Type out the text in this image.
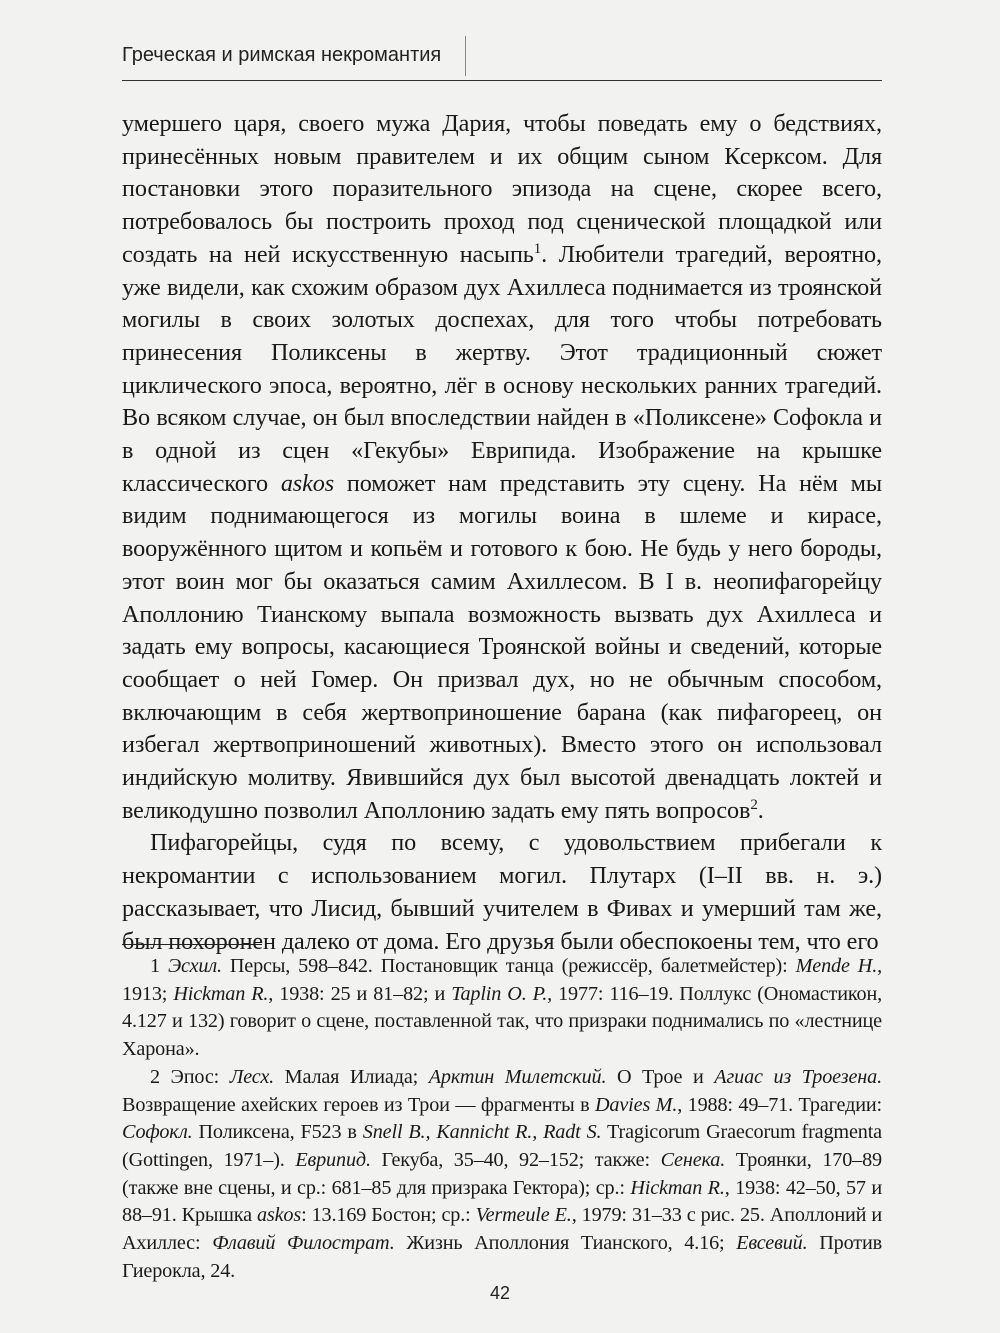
Греческая и римская некромантия

умершего царя, своего мужа Дария, чтобы поведать ему о бедствиях, принесённых новым правителем и их общим сыном Ксерксом. Для постановки этого поразительного эпизода на сцене, скорее всего, потребовалось бы построить проход под сценической площадкой или создать на ней искусственную насыпь$^1$. Любители трагедий, вероятно, уже видели, как схожим образом дух Ахиллеса поднимается из троянской могилы в своих золотых доспехах, для того чтобы потребовать принесения Поликсены в жертву. Этот традиционный сюжет циклического эпоса, вероятно, лёг в основу нескольких ранних трагедий. Во всяком случае, он был впоследствии найден в «Поликсене» Софокла и в одной из сцен «Гекубы» Еврипида. Изображение на крышке классического askos поможет нам представить эту сцену. На нём мы видим поднимающегося из могилы воина в шлеме и кирасе, вооружённого щитом и копьём и готового к бою. Не будь у него бороды, этот воин мог бы оказаться самим Ахиллесом. В I в. неопифагорейцу Аполлонию Тианскому выпала возможность вызвать дух Ахиллеса и задать ему вопросы, касающиеся Троянской войны и сведений, которые сообщает о ней Гомер. Он призвал дух, но не обычным способом, включающим в себя жертвоприношение барана (как пифагореец, он избегал жертвоприношений животных). Вместо этого он использовал индийскую молитву. Явившийся дух был высотой двенадцать локтей и великодушно позволил Аполлонию задать ему пять вопросов$^2$.

Пифагорейцы, судя по всему, с удовольствием прибегали к некромантии с использованием могил. Плутарх (I–II вв. н. э.) рассказывает, что Лисид, бывший учителем в Фивах и умерший там же, был похоронен далеко от дома. Его друзья были обеспокоены тем, что его

1 Эсхил. Персы, 598–842. Постановщик танца (режиссёр, балетмейстер): Mende H., 1913; Hickman R., 1938: 25 и 81–82; и Taplin O. P., 1977: 116–19. Поллукс (Ономастикон, 4.127 и 132) говорит о сцене, поставленной так, что призраки поднимались по «лестнице Харона».

2 Эпос: Лесх. Малая Илиада; Арктин Милетский. О Трое и Агиас из Троезена. Возвращение ахейских героев из Трои — фрагменты в Davies M., 1988: 49–71. Трагедии: Софокл. Поликсена, F523 в Snell B., Kannicht R., Radt S. Tragicorum Graecorum fragmenta (Gottingen, 1971–). Еврипид. Гекуба, 35–40, 92–152; также: Сенека. Троянки, 170–89 (также вне сцены, и ср.: 681–85 для призрака Гектора); ср.: Hickman R., 1938: 42–50, 57 и 88–91. Крышка askos: 13.169 Бостон; ср.: Vermeule E., 1979: 31–33 с рис. 25. Аполлоний и Ахиллес: Флавий Филострат. Жизнь Аполлония Тианского, 4.16; Евсевий. Против Гиерокла, 24.

42
